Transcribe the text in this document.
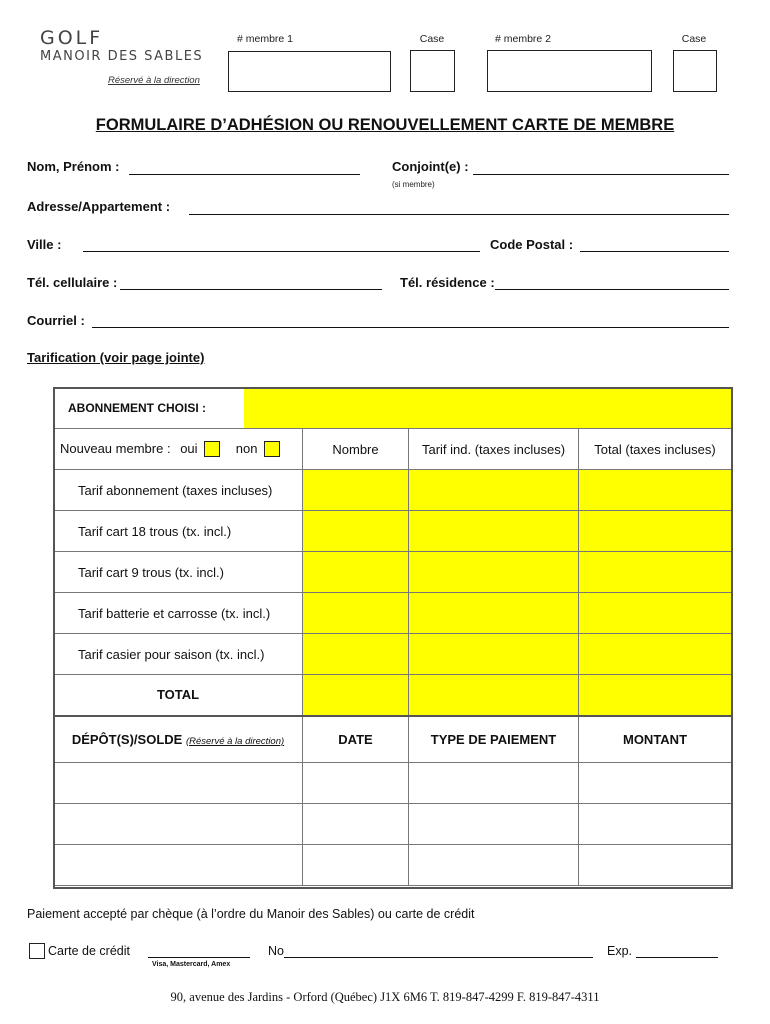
GOLF
MANOIR DES SABLES
Réservé à la direction
# membre 1	Case	# membre 2	Case
FORMULAIRE D’ADHÉSION OU RENOUVELLEMENT CARTE DE MEMBRE
Nom, Prénom :	Conjoint(e) :
(si membre)
Adresse/Appartement :
Ville :	Code Postal :
Tél. cellulaire :	Tél. résidence :
Courriel :
Tarification (voir page jointe)
ABONNEMENT CHOISI :			

Nouveau membre : oui non	Nombre	Tarif ind. (taxes incluses)	Total (taxes incluses)
Tarif abonnement (taxes incluses)			
Tarif cart 18 trous (tx. incl.)			
Tarif cart 9 trous (tx. incl.)			
Tarif batterie et carrosse (tx. incl.)			
Tarif casier pour saison (tx. incl.)			
TOTAL			
DÉPÔT(S)/SOLDE (Réservé à la direction)	DATE	TYPE DE PAIEMENT	MONTANT

Paiement accepté par chèque (à l’ordre du Manoir des Sables) ou carte de crédit
Carte de crédit
Visa, Mastercard, Amex
No	Exp.
90, avenue des Jardins - Orford (Québec) J1X 6M6 T. 819-847-4299 F. 819-847-4311
